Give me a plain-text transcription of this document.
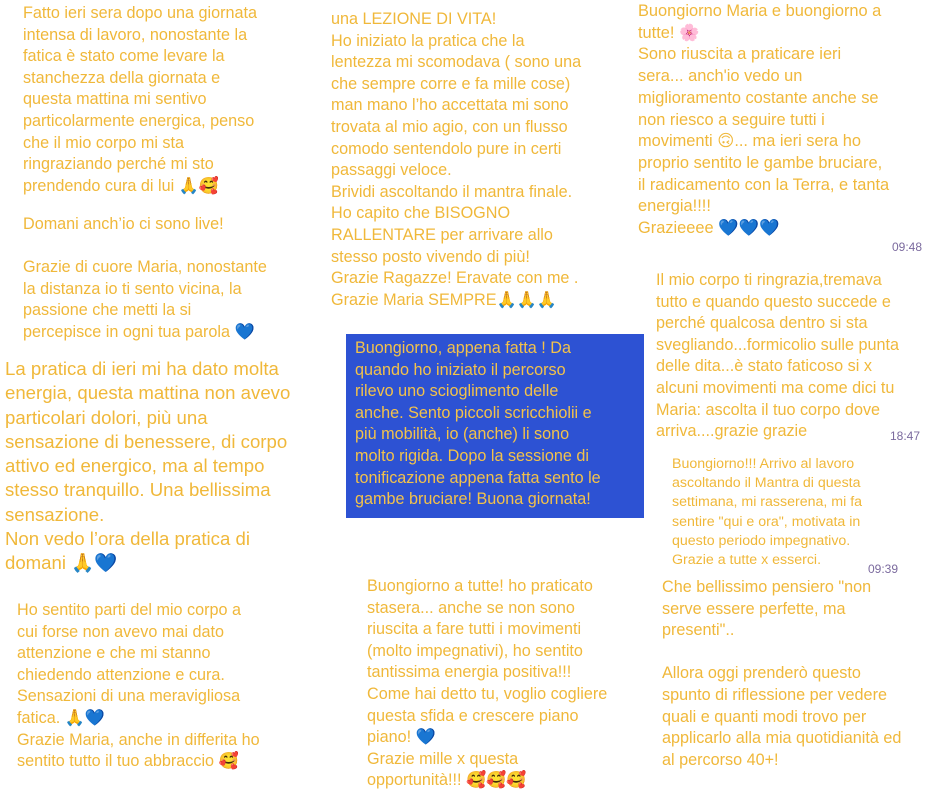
Fatto ieri sera dopo una giornata
intensa di lavoro, nonostante la
fatica è stato come levare la
stanchezza della giornata e
questa mattina mi sentivo
particolarmente energica, penso
che il mio corpo mi sta
ringraziando perché mi sto
prendendo cura di lui 🙏🥰

Domani anch’io ci sono live!

Grazie di cuore Maria, nonostante
la distanza io ti sento vicina, la
passione che metti la si
percepisce in ogni tua parola 💙

La pratica di ieri mi ha dato molta
energia, questa mattina non avevo
particolari dolori, più una
sensazione di benessere, di corpo
attivo ed energico, ma al tempo
stesso tranquillo. Una bellissima
sensazione.
Non vedo l’ora della pratica di
domani 🙏💙

Ho sentito parti del mio corpo a
cui forse non avevo mai dato
attenzione e che mi stanno
chiedendo attenzione e cura.
Sensazioni di una meravigliosa
fatica. 🙏💙
Grazie Maria, anche in differita ho
sentito tutto il tuo abbraccio 🥰

una LEZIONE DI VITA!
Ho iniziato la pratica che la
lentezza mi scomodava ( sono una
che sempre corre e fa mille cose)
man mano l’ho accettata mi sono
trovata al mio agio, con un flusso
comodo sentendolo pure in certi
passaggi veloce.
Brividi ascoltando il mantra finale.
Ho capito che BISOGNO
RALLENTARE per arrivare allo
stesso posto vivendo di più!
Grazie Ragazze! Eravate con me .
Grazie Maria SEMPRE🙏🙏🙏

Buongiorno, appena fatta ! Da
quando ho iniziato il percorso
rilevo uno scioglimento delle
anche. Sento piccoli scricchiolii e
più mobilità, io (anche) li sono
molto rigida. Dopo la sessione di
tonificazione appena fatta sento le
gambe bruciare! Buona giornata!

Buongiorno a tutte! ho praticato
stasera... anche se non sono
riuscita a fare tutti i movimenti
(molto impegnativi), ho sentito
tantissima energia positiva!!!
Come hai detto tu, voglio cogliere
questa sfida e crescere piano
piano! 💙
Grazie mille x questa
opportunità!!! 🥰🥰🥰

Buongiorno Maria e buongiorno a
tutte! 🌸
Sono riuscita a praticare ieri
sera... anch'io vedo un
miglioramento costante anche se
non riesco a seguire tutti i
movimenti 🙃... ma ieri sera ho
proprio sentito le gambe bruciare,
il radicamento con la Terra, e tanta
energia!!!!
Grazieeee 💙💙💙

09:48

Il mio corpo ti ringrazia,tremava
tutto e quando questo succede e
perché qualcosa dentro si sta
svegliando...formicolio sulle punta
delle dita...è stato faticoso si x
alcuni movimenti ma come dici tu
Maria: ascolta il tuo corpo dove
arriva....grazie grazie	18:47

Buongiorno!!! Arrivo al lavoro
ascoltando il Mantra di questa
settimana, mi rasserena, mi fa
sentire "qui e ora", motivata in
questo periodo impegnativo.
Grazie a tutte x esserci.

09:39

Che bellissimo pensiero "non
serve essere perfette, ma
presenti"..

Allora oggi prenderò questo
spunto di riflessione per vedere
quali e quanti modi trovo per
applicarlo alla mia quotidianità ed
al percorso 40+!
